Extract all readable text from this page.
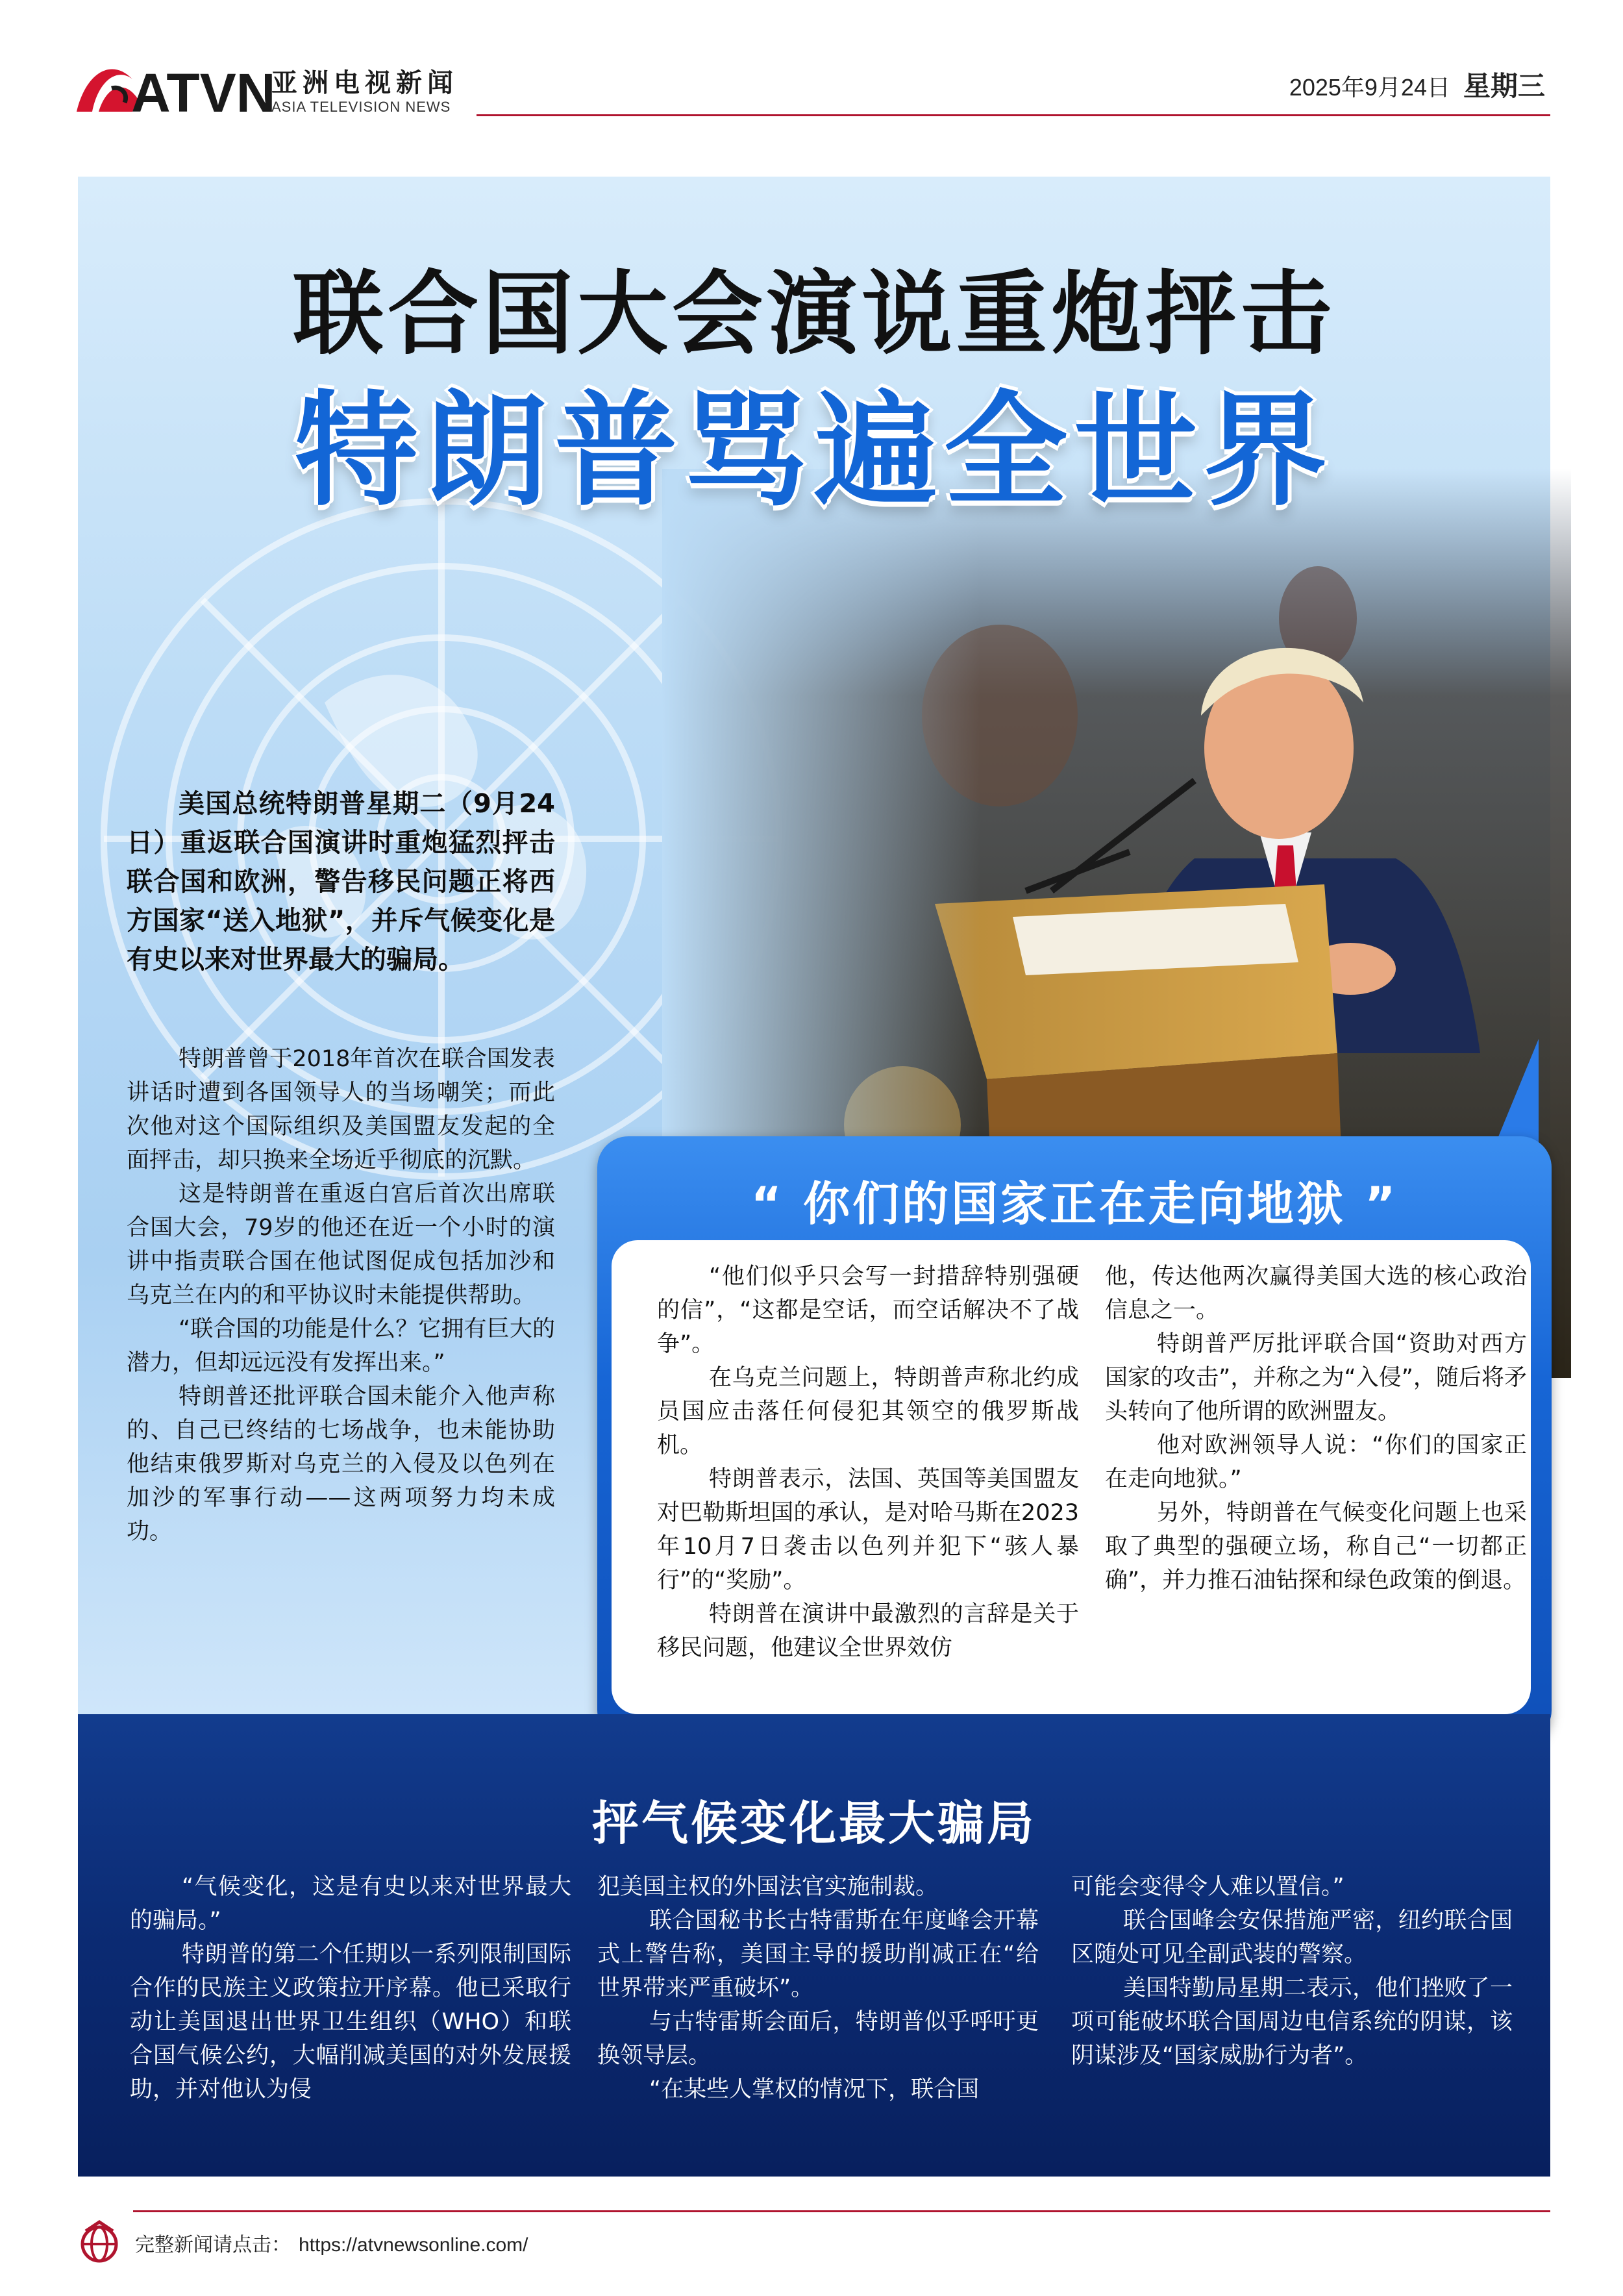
ATVN
亚洲电视新闻
ASIA TELEVISION NEWS
2025年9月24日 星期三
联合国大会演说重炮抨击
特朗普骂遍全世界

美国总统特朗普星期二（9月24日）重返联合国演讲时重炮猛烈抨击联合国和欧洲，警告移民问题正将西方国家“送入地狱”，并斥气候变化是有史以来对世界最大的骗局。

特朗普曾于2018年首次在联合国发表讲话时遭到各国领导人的当场嘲笑；而此次他对这个国际组织及美国盟友发起的全面抨击，却只换来全场近乎彻底的沉默。

这是特朗普在重返白宫后首次出席联合国大会，79岁的他还在近一个小时的演讲中指责联合国在他试图促成包括加沙和乌克兰在内的和平协议时未能提供帮助。

“联合国的功能是什么？它拥有巨大的潜力，但却远远没有发挥出来。”

特朗普还批评联合国未能介入他声称的、自己已终结的七场战争，也未能协助他结束俄罗斯对乌克兰的入侵及以色列在加沙的军事行动——这两项努力均未成功。

“ 你们的国家正在走向地狱 ”

“他们似乎只会写一封措辞特别强硬的信”，“这都是空话，而空话解决不了战争”。

在乌克兰问题上，特朗普声称北约成员国应击落任何侵犯其领空的俄罗斯战机。

特朗普表示，法国、英国等美国盟友对巴勒斯坦国的承认，是对哈马斯在2023年10月7日袭击以色列并犯下“骇人暴行”的“奖励”。

特朗普在演讲中最激烈的言辞是关于移民问题，他建议全世界效仿

他，传达他两次赢得美国大选的核心政治信息之一。

特朗普严厉批评联合国“资助对西方国家的攻击”，并称之为“入侵”，随后将矛头转向了他所谓的欧洲盟友。

他对欧洲领导人说：“你们的国家正在走向地狱。”

另外，特朗普在气候变化问题上也采取了典型的强硬立场，称自己“一切都正确”，并力推石油钻探和绿色政策的倒退。

抨气候变化最大骗局

“气候变化，这是有史以来对世界最大的骗局。”

特朗普的第二个任期以一系列限制国际合作的民族主义政策拉开序幕。他已采取行动让美国退出世界卫生组织（WHO）和联合国气候公约，大幅削减美国的对外发展援助，并对他认为侵

犯美国主权的外国法官实施制裁。

联合国秘书长古特雷斯在年度峰会开幕式上警告称，美国主导的援助削减正在“给世界带来严重破坏”。

与古特雷斯会面后，特朗普似乎呼吁更换领导层。

“在某些人掌权的情况下，联合国

可能会变得令人难以置信。”

联合国峰会安保措施严密，纽约联合国区随处可见全副武装的警察。

美国特勤局星期二表示，他们挫败了一项可能破坏联合国周边电信系统的阴谋，该阴谋涉及“国家威胁行为者”。

完整新闻请点击： https://atvnewsonline.com/
